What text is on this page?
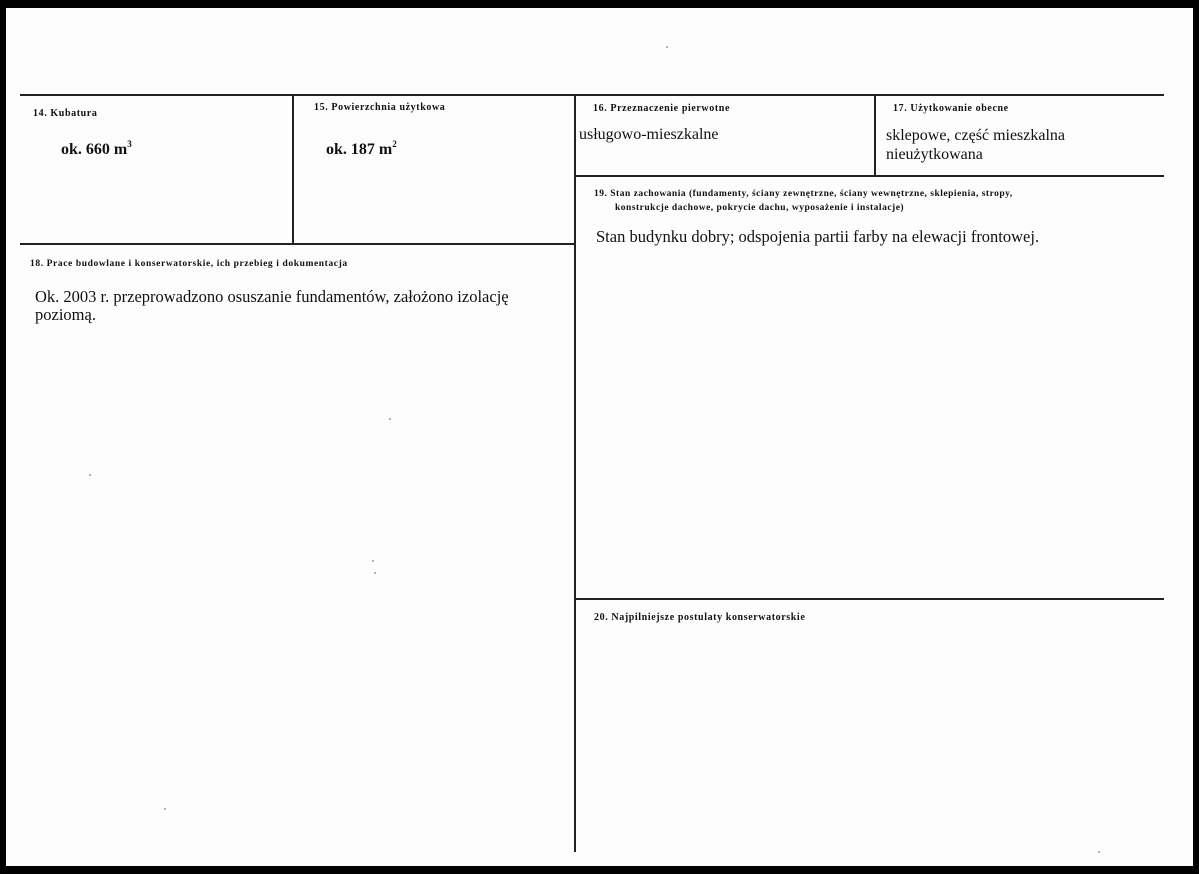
14. Kubatura
ok. 660 $m^3$
15. Powierzchnia użytkowa
ok. 187 $m^2$
16. Przeznaczenie pierwotne
usługowo-mieszkalne
17. Użytkowanie obecne
sklepowe, część mieszkalna
nieużytkowana
18. Prace budowlane i konserwatorskie, ich przebieg i dokumentacja
Ok. 2003 r. przeprowadzono osuszanie fundamentów, założono izolację
poziomą.
19. Stan zachowania (fundamenty, ściany zewnętrzne, ściany wewnętrzne, sklepienia, stropy,
konstrukcje dachowe, pokrycie dachu, wyposażenie i instalacje)
Stan budynku dobry; odspojenia partii farby na elewacji frontowej.
20. Najpilniejsze postulaty konserwatorskie
